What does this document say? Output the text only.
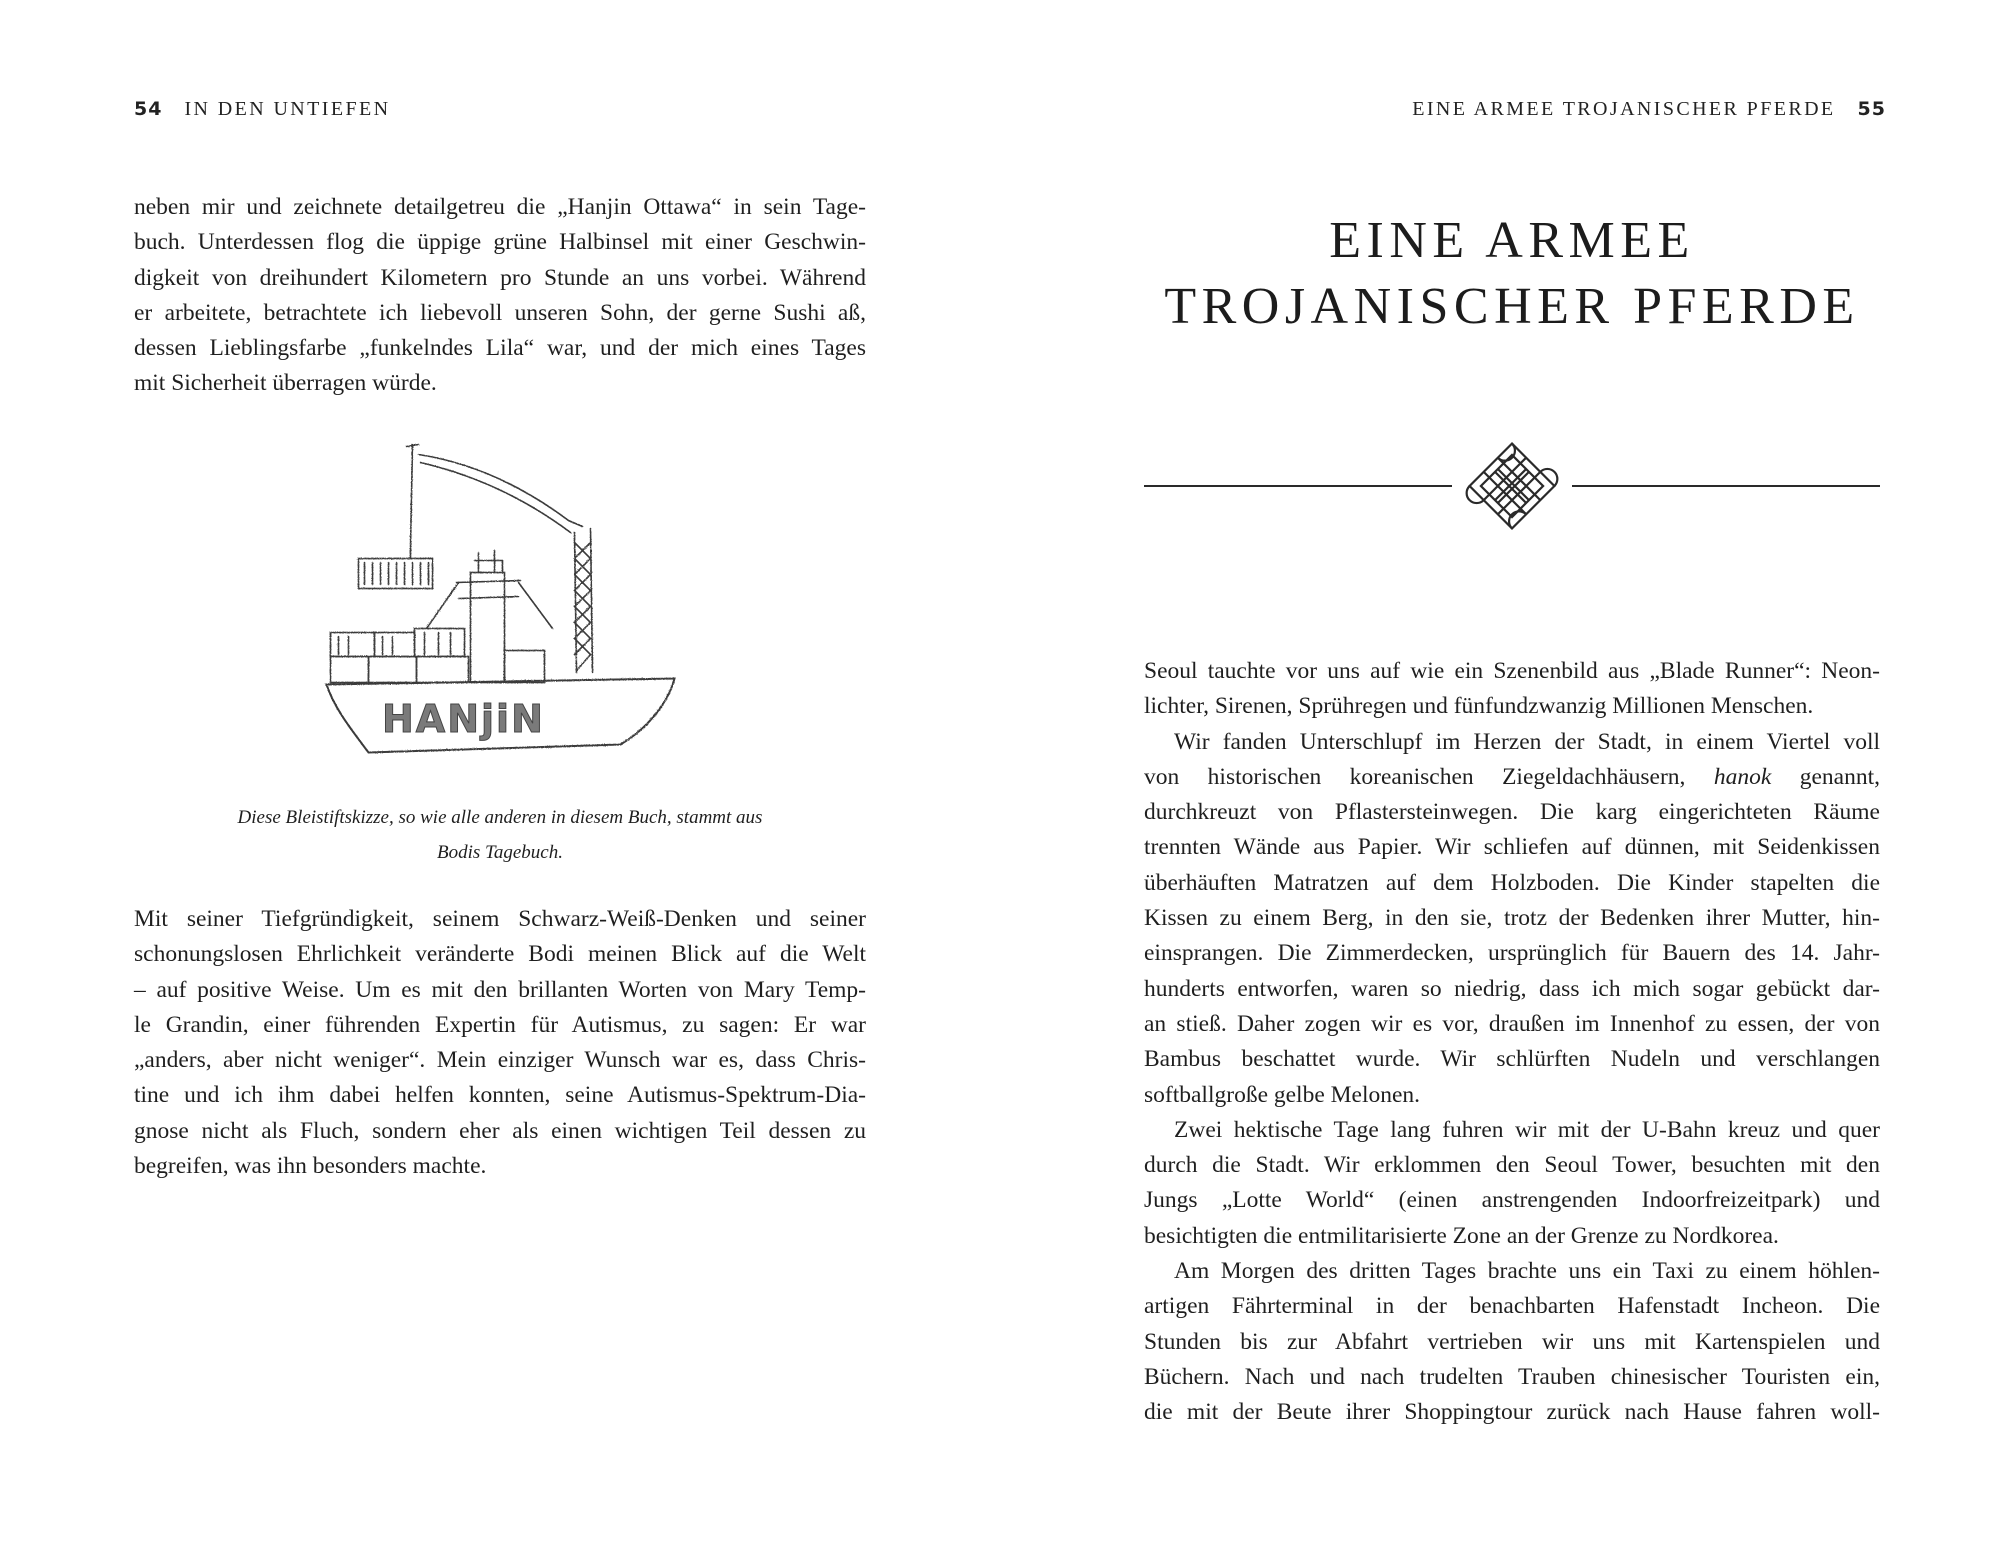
54 IN DEN UNTIEFEN

neben mir und zeichnete detailgetreu die „Hanjin Ottawa“ in sein Tage-

buch. Unterdessen flog die üppige grüne Halbinsel mit einer Geschwin-

digkeit von dreihundert Kilometern pro Stunde an uns vorbei. Während

er arbeitete, betrachtete ich liebevoll unseren Sohn, der gerne Sushi aß,

dessen Lieblingsfarbe „funkelndes Lila“ war, und der mich eines Tages

mit Sicherheit überragen würde.

HANjiN
Diese Bleistiftskizze, so wie alle anderen in diesem Buch, stammt aus
Bodis Tagebuch.

Mit seiner Tiefgründigkeit, seinem Schwarz-Weiß-Denken und seiner

schonungslosen Ehrlichkeit veränderte Bodi meinen Blick auf die Welt

– auf positive Weise. Um es mit den brillanten Worten von Mary Temp-

le Grandin, einer führenden Expertin für Autismus, zu sagen: Er war

„anders, aber nicht weniger“. Mein einziger Wunsch war es, dass Chris-

tine und ich ihm dabei helfen konnten, seine Autismus-Spektrum-Dia-

gnose nicht als Fluch, sondern eher als einen wichtigen Teil dessen zu

begreifen, was ihn besonders machte.

EINE ARMEE TROJANISCHER PFERDE 55
EINE ARMEE
TROJANISCHER PFERDE

Seoul tauchte vor uns auf wie ein Szenenbild aus „Blade Runner“: Neon-

lichter, Sirenen, Sprühregen und fünfundzwanzig Millionen Menschen.

Wir fanden Unterschlupf im Herzen der Stadt, in einem Viertel voll

von historischen koreanischen Ziegeldachhäusern, hanok genannt,

durchkreuzt von Pflastersteinwegen. Die karg eingerichteten Räume

trennten Wände aus Papier. Wir schliefen auf dünnen, mit Seidenkissen

überhäuften Matratzen auf dem Holzboden. Die Kinder stapelten die

Kissen zu einem Berg, in den sie, trotz der Bedenken ihrer Mutter, hin-

einsprangen. Die Zimmerdecken, ursprünglich für Bauern des 14. Jahr-

hunderts entworfen, waren so niedrig, dass ich mich sogar gebückt dar-

an stieß. Daher zogen wir es vor, draußen im Innenhof zu essen, der von

Bambus beschattet wurde. Wir schlürften Nudeln und verschlangen

softballgroße gelbe Melonen.

Zwei hektische Tage lang fuhren wir mit der U-Bahn kreuz und quer

durch die Stadt. Wir erklommen den Seoul Tower, besuchten mit den

Jungs „Lotte World“ (einen anstrengenden Indoorfreizeitpark) und

besichtigten die entmilitarisierte Zone an der Grenze zu Nordkorea.

Am Morgen des dritten Tages brachte uns ein Taxi zu einem höhlen-

artigen Fährterminal in der benachbarten Hafenstadt Incheon. Die

Stunden bis zur Abfahrt vertrieben wir uns mit Kartenspielen und

Büchern. Nach und nach trudelten Trauben chinesischer Touristen ein,

die mit der Beute ihrer Shoppingtour zurück nach Hause fahren woll-
